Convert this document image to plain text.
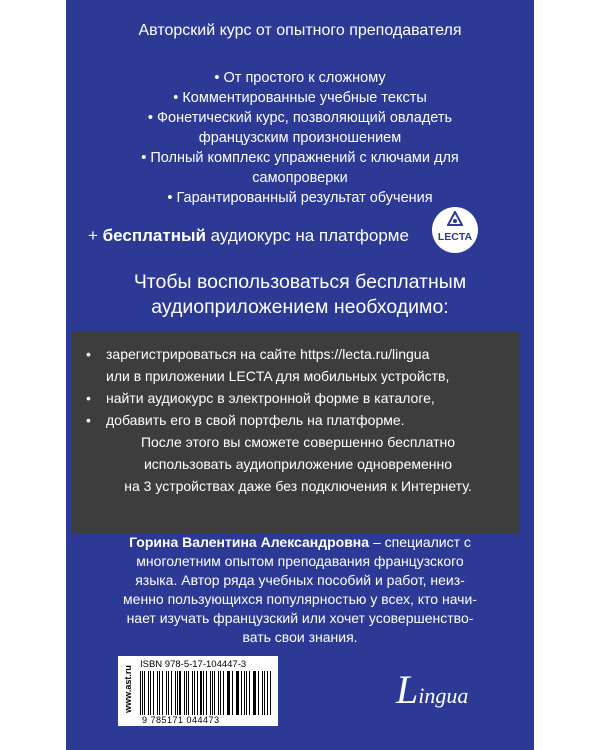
Авторский курс от опытного преподавателя

• От простого к сложному

• Комментированные учебные тексты

• Фонетический курс, позволяющий овладеть

французским произношением

• Полный комплекс упражнений с ключами для

самопроверки

• Гарантированный результат обучения

+ бесплатный аудиокурс на платформе	LECTA
Чтобы воспользоваться бесплатным
аудиоприложением необходимо:
• зарегистрироваться на сайте https://lecta.ru/lingua
или в приложении LECTA для мобильных устройств,
• найти аудиокурс в электронной форме в каталоге,
• добавить его в свой портфель на платформе.
После этого вы сможете совершенно бесплатно
использовать аудиоприложение одновременно
на 3 устройствах даже без подключения к Интернету.
Горина Валентина Александровна – специалист с
многолетним опытом преподавания французского
языка. Автор ряда учебных пособий и работ, неиз-
менно пользующихся популярностью у всех, кто начи-
нает изучать французский или хочет усовершенство-
вать свои знания.
www.ast.ru
ISBN 978-5-17-104447-3
9 785171 044473
Lingua
